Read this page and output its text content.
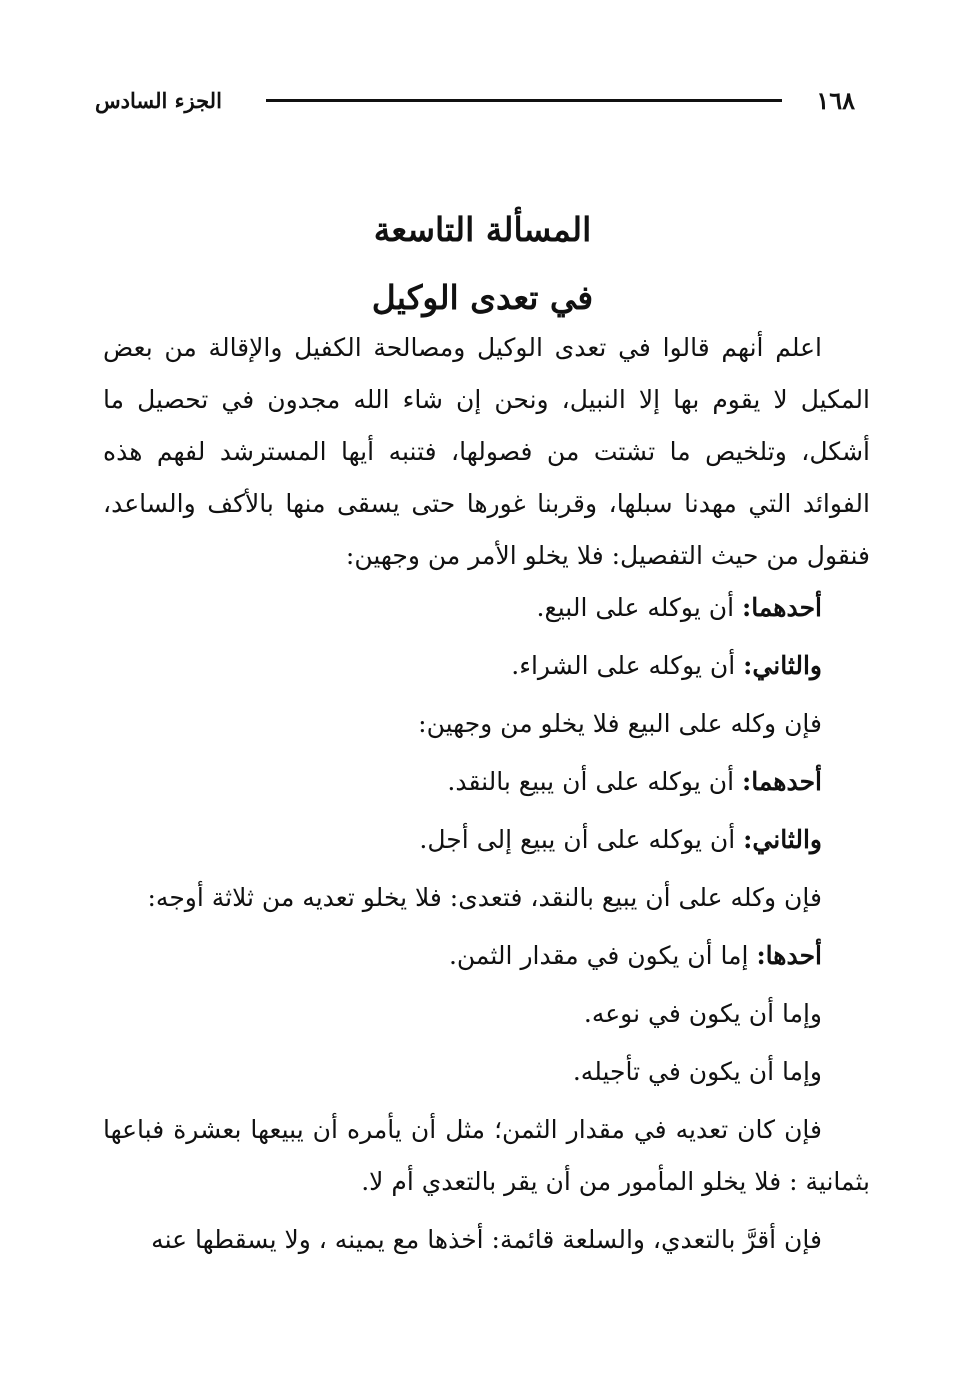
١٦٨
الجزء السادس
المسألة التاسعة
في تعدى الوكيل

اعلم أنهم قالوا في تعدى الوكيل ومصالحة الكفيل والإقالة من بعض المكيل لا يقوم بها إلا النبيل، ونحن إن شاء الله مجدون في تحصيل ما أشكل، وتلخيص ما تشتت من فصولها، فتنبه أيها المسترشد لفهم هذه الفوائد التي مهدنا سبلها، وقربنا غورها حتى يسقى منها بالأكف والساعد، فنقول من حيث التفصيل: فلا يخلو الأمر من وجهين:

أحدهما: أن يوكله على البيع.

والثاني: أن يوكله على الشراء.

فإن وكله على البيع فلا يخلو من وجهين:

أحدهما: أن يوكله على أن يبيع بالنقد.

والثاني: أن يوكله على أن يبيع إلى أجل.

فإن وكله على أن يبيع بالنقد، فتعدى: فلا يخلو تعديه من ثلاثة أوجه:

أحدها: إما أن يكون في مقدار الثمن.

وإما أن يكون في نوعه.

وإما أن يكون في تأجيله.

فإن كان تعديه في مقدار الثمن؛ مثل أن يأمره أن يبيعها بعشرة فباعها بثمانية : فلا يخلو المأمور من أن يقر بالتعدي أم لا.

فإن أقرَّ بالتعدي، والسلعة قائمة: أخذها مع يمينه ، ولا يسقطها عنه
